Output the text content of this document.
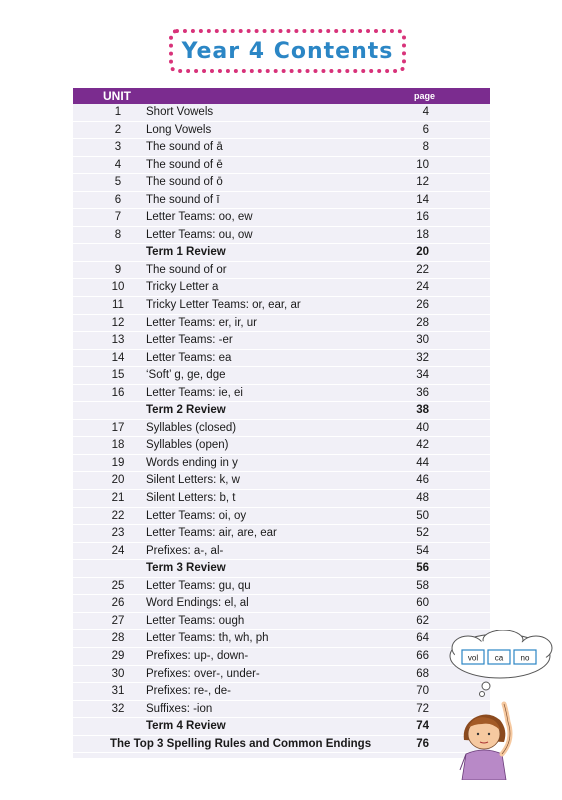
Year 4 Contents
UNIT	page
1	Short Vowels	4
2	Long Vowels	6
3	The sound of ā	8
4	The sound of ē	10
5	The sound of ō	12
6	The sound of ī	14
7	Letter Teams: oo, ew	16
8	Letter Teams: ou, ow	18
Term 1 Review	20
9	The sound of or	22
10	Tricky Letter a	24
11	Tricky Letter Teams: or, ear, ar	26
12	Letter Teams: er, ir, ur	28
13	Letter Teams: -er	30
14	Letter Teams: ea	32
15	‘Soft’ g, ge, dge	34
16	Letter Teams: ie, ei	36
Term 2 Review	38
17	Syllables (closed)	40
18	Syllables (open)	42
19	Words ending in y	44
20	Silent Letters: k, w	46
21	Silent Letters: b, t	48
22	Letter Teams: oi, oy	50
23	Letter Teams: air, are, ear	52
24	Prefixes: a-, al-	54
Term 3 Review	56
25	Letter Teams: gu, qu	58
26	Word Endings: el, al	60
27	Letter Teams: ough	62
28	Letter Teams: th, wh, ph	64
29	Prefixes: up-, down-	66
30	Prefixes: over-, under-	68
31	Prefixes: re-, de-	70
32	Suffixes: -ion	72
Term 4 Review	74
The Top 3 Spelling Rules and Common Endings	76
vol ca no
